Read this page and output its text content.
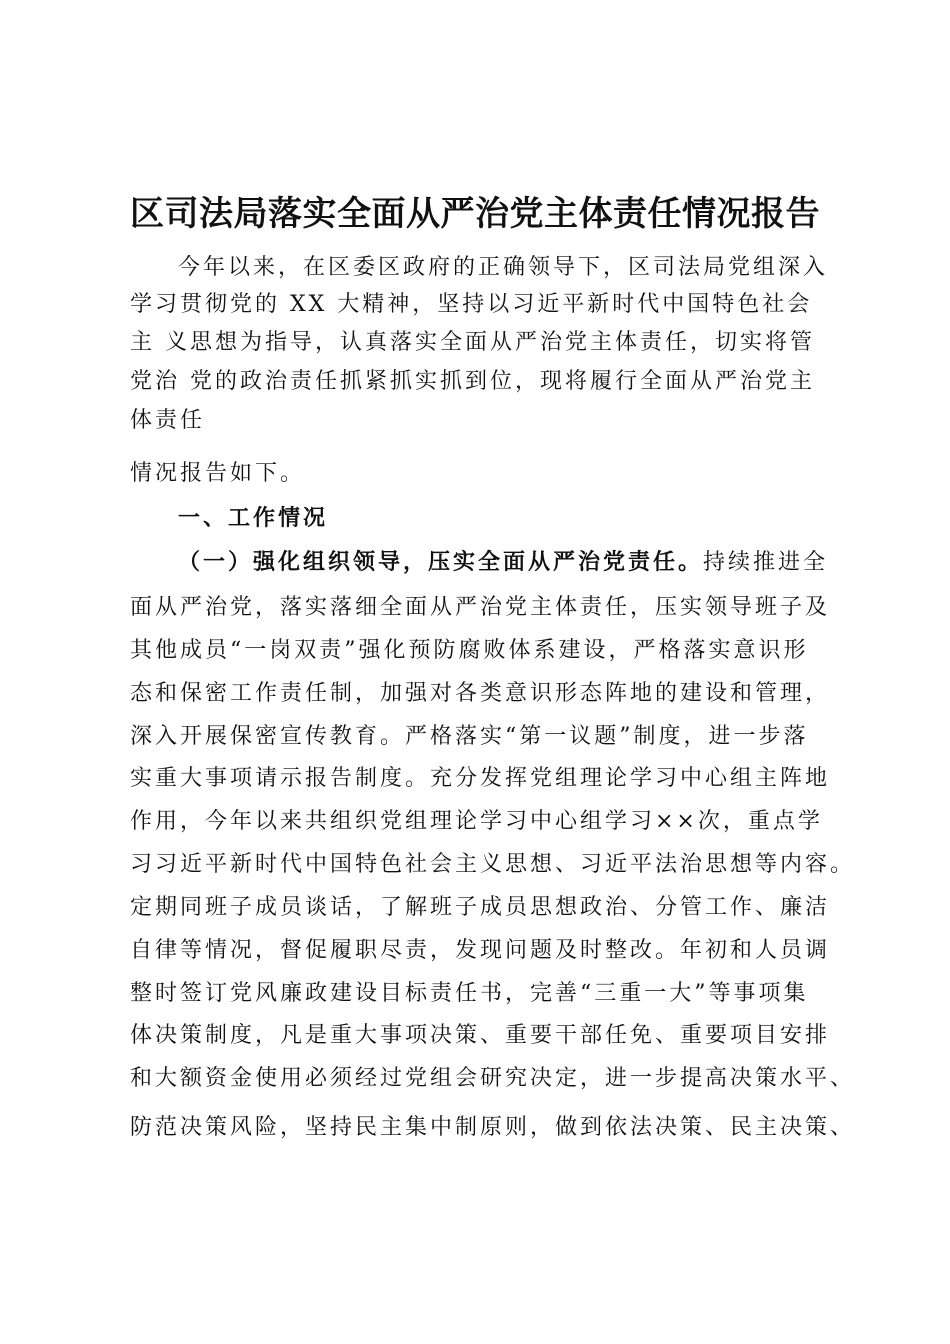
区司法局落实全面从严治党主体责任情况报告

今年以来，在区委区政府的正确领导下，区司法局党组深入

学习贯彻党的 XX 大精神，坚持以习近平新时代中国特色社会

主 义思想为指导，认真落实全面从严治党主体责任，切实将管

党治 党的政治责任抓紧抓实抓到位，现将履行全面从严治党主

体责任

情况报告如下。

一、工作情况

（一）强化组织领导，压实全面从严治党责任。持续推进全

面从严治党，落实落细全面从严治党主体责任，压实领导班子及

其他成员“一岗双责”强化预防腐败体系建设，严格落实意识形

态和保密工作责任制，加强对各类意识形态阵地的建设和管理，

深入开展保密宣传教育。严格落实“第一议题”制度，进一步落

实重大事项请示报告制度。充分发挥党组理论学习中心组主阵地

作用，今年以来共组织党组理论学习中心组学习××次，重点学

习习近平新时代中国特色社会主义思想、习近平法治思想等内容。

定期同班子成员谈话，了解班子成员思想政治、分管工作、廉洁

自律等情况，督促履职尽责，发现问题及时整改。年初和人员调

整时签订党风廉政建设目标责任书，完善“三重一大”等事项集

体决策制度，凡是重大事项决策、重要干部任免、重要项目安排

和大额资金使用必须经过党组会研究决定，进一步提高决策水平、

防范决策风险，坚持民主集中制原则，做到依法决策、民主决策、
